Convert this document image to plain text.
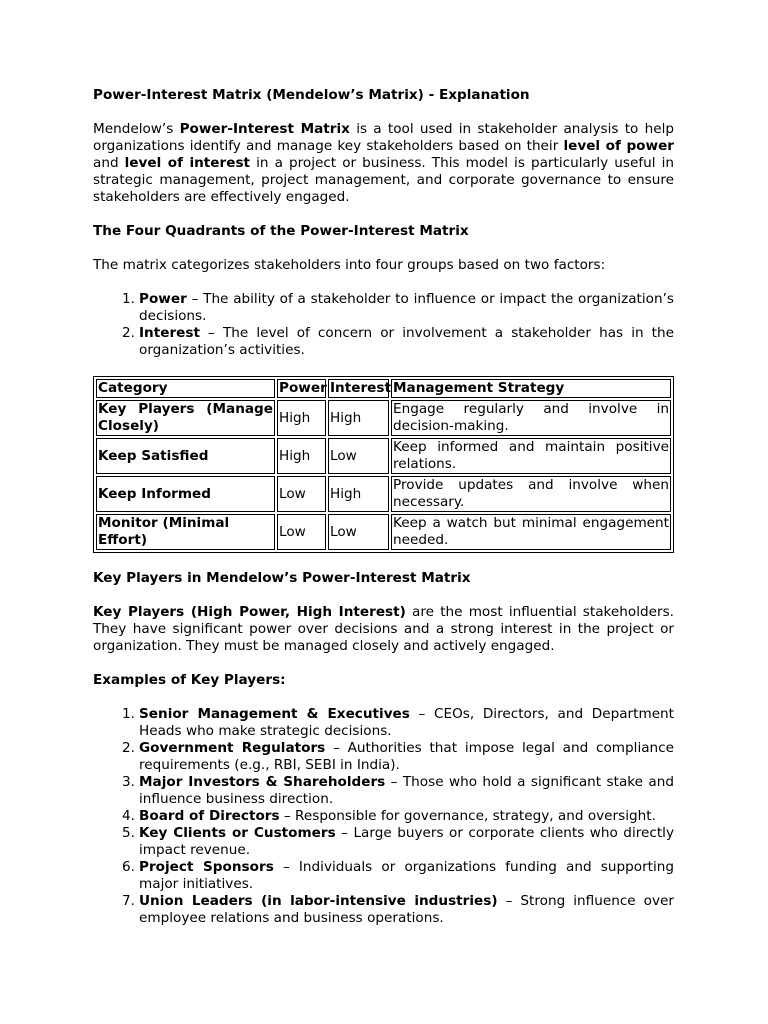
Power-Interest Matrix (Mendelow’s Matrix) - Explanation

Mendelow’s Power-Interest Matrix is a tool used in stakeholder analysis to help organizations identify and manage key stakeholders based on their level of power and level of interest in a project or business. This model is particularly useful in strategic management, project management, and corporate governance to ensure stakeholders are effectively engaged.

The Four Quadrants of the Power-Interest Matrix

The matrix categorizes stakeholders into four groups based on two factors:

1. Power – The ability of a stakeholder to influence or impact the organization’s decisions.
2. Interest – The level of concern or involvement a stakeholder has in the organization’s activities.
Category	Power	Interest	Management Strategy
Key Players (Manage Closely)	High	High	Engage regularly and involve in decision-making.
Keep Satisfied	High	Low	Keep informed and maintain positive relations.
Keep Informed	Low	High	Provide updates and involve when necessary.
Monitor (Minimal Effort)	Low	Low	Keep a watch but minimal engagement needed.

Key Players in Mendelow’s Power-Interest Matrix

Key Players (High Power, High Interest) are the most influential stakeholders. They have significant power over decisions and a strong interest in the project or organization. They must be managed closely and actively engaged.

Examples of Key Players:

1. Senior Management & Executives – CEOs, Directors, and Department Heads who make strategic decisions.
2. Government Regulators – Authorities that impose legal and compliance requirements (e.g., RBI, SEBI in India).
3. Major Investors & Shareholders – Those who hold a significant stake and influence business direction.
4. Board of Directors – Responsible for governance, strategy, and oversight.
5. Key Clients or Customers – Large buyers or corporate clients who directly impact revenue.
6. Project Sponsors – Individuals or organizations funding and supporting major initiatives.
7. Union Leaders (in labor-intensive industries) – Strong influence over employee relations and business operations.
